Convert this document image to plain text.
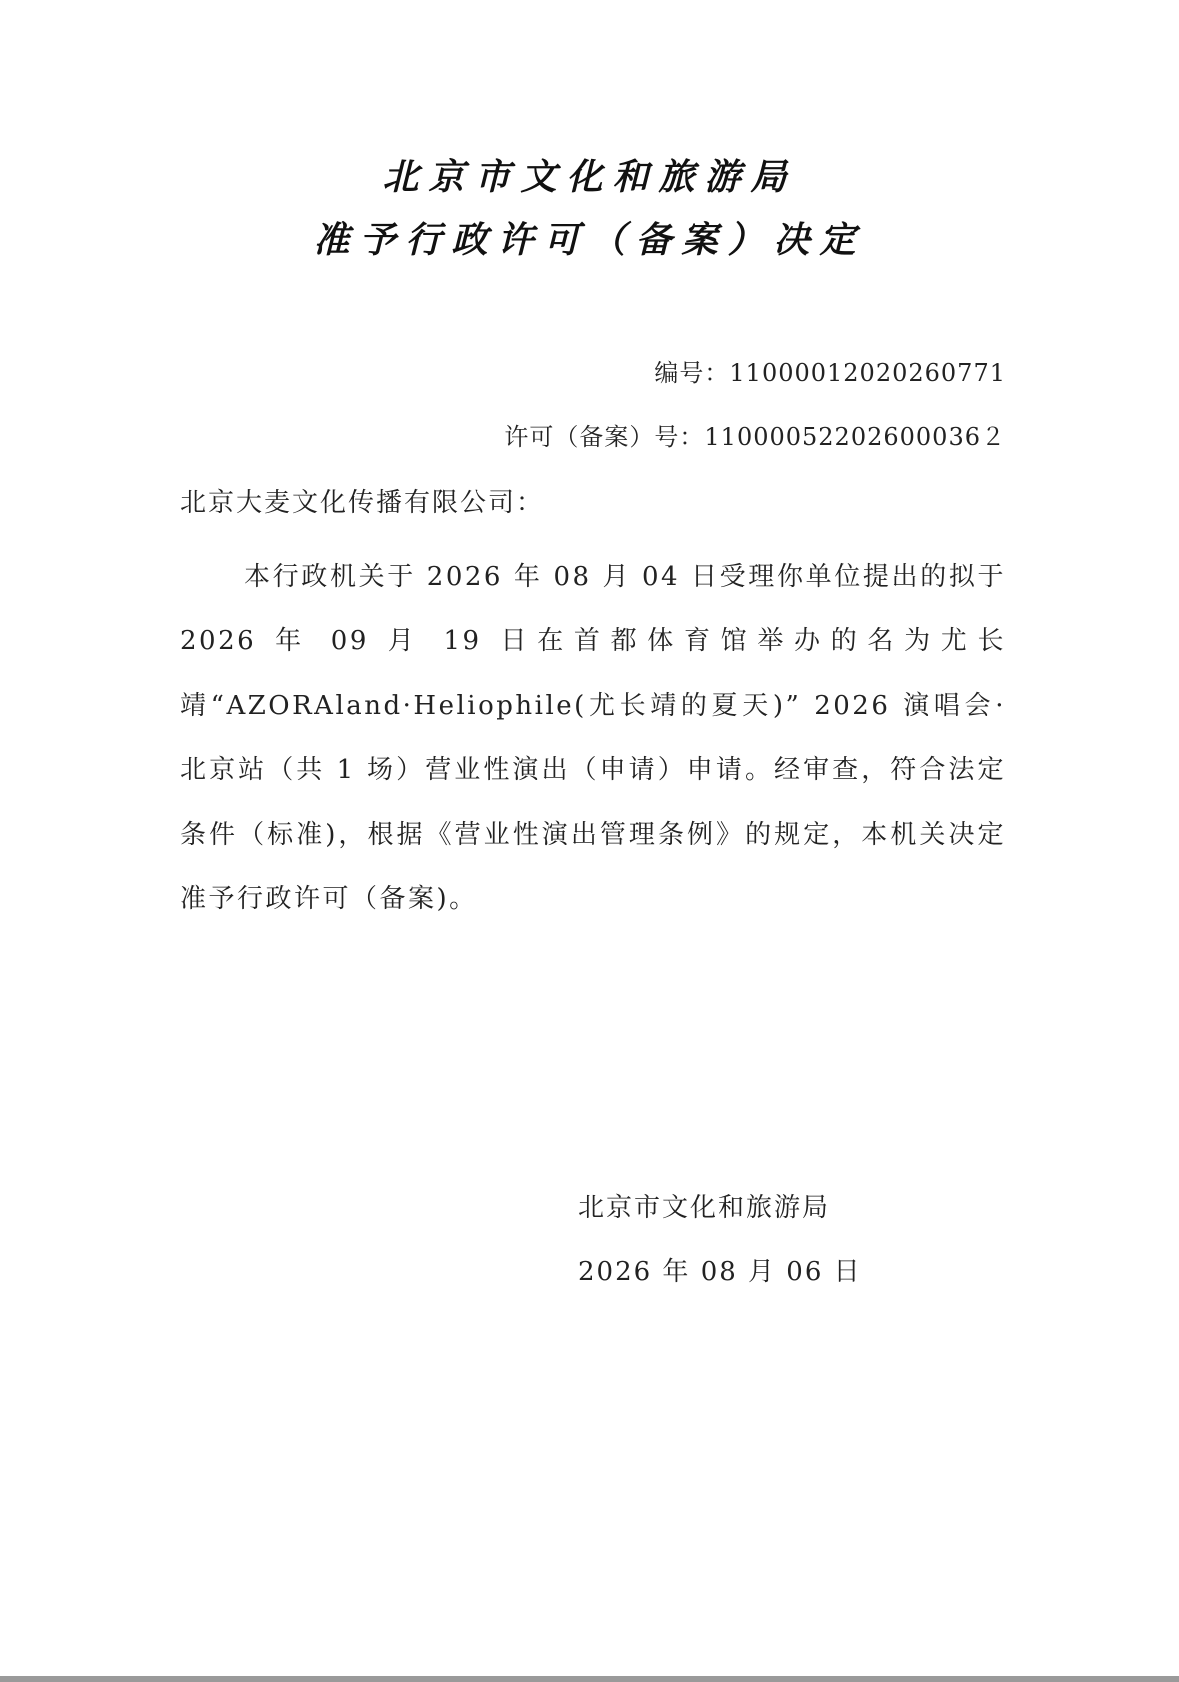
北京市文化和旅游局
准予行政许可（备案）决定
编号：11000012020260771
许可（备案）号：11000052202600036２
北京大麦文化传播有限公司：
本行政机关于 2026 年 08 月 04 日受理你单位提出的拟于 2026 年 09 月 19 日在首都体育馆举办的名为尤长靖“AZORAland·Heliophile(尤长靖的夏天)” 2026 演唱会·北京站（共 1 场）营业性演出（申请）申请。经审查，符合法定条件（标准)，根据《营业性演出管理条例》的规定，本机关决定准予行政许可（备案)。
北京市文化和旅游局
2026 年 08 月 06 日
